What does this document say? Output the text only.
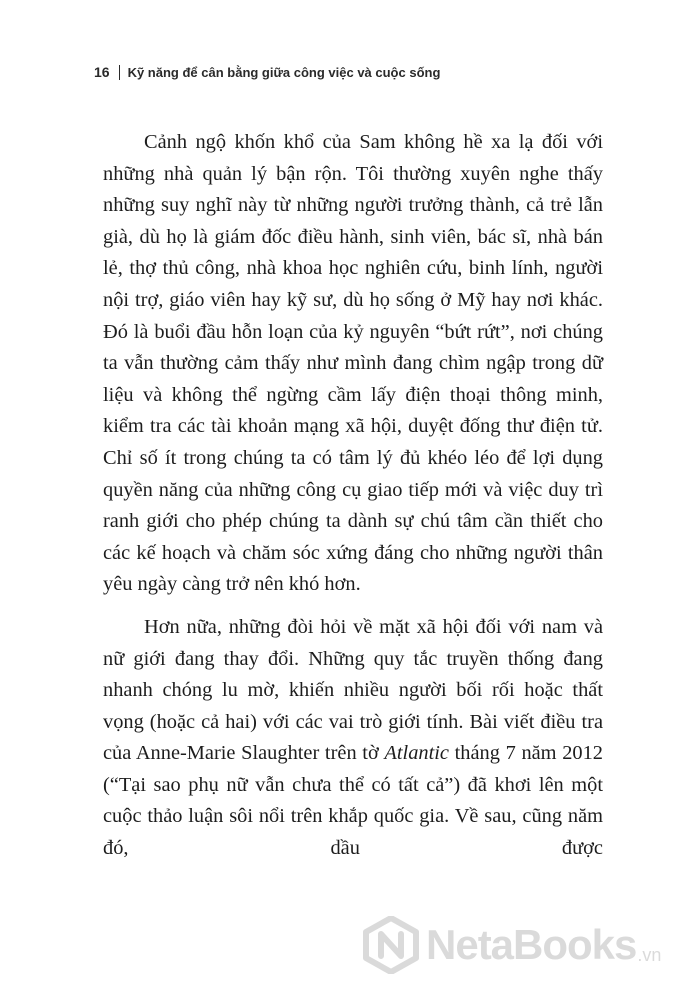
16 Kỹ năng để cân bằng giữa công việc và cuộc sống

Cảnh ngộ khốn khổ của Sam không hề xa lạ đối với những nhà quản lý bận rộn. Tôi thường xuyên nghe thấy những suy nghĩ này từ những người trưởng thành, cả trẻ lẫn già, dù họ là giám đốc điều hành, sinh viên, bác sĩ, nhà bán lẻ, thợ thủ công, nhà khoa học nghiên cứu, binh lính, người nội trợ, giáo viên hay kỹ sư, dù họ sống ở Mỹ hay nơi khác. Đó là buổi đầu hỗn loạn của kỷ nguyên “bứt rứt”, nơi chúng ta vẫn thường cảm thấy như mình đang chìm ngập trong dữ liệu và không thể ngừng cầm lấy điện thoại thông minh, kiểm tra các tài khoản mạng xã hội, duyệt đống thư điện tử. Chỉ số ít trong chúng ta có tâm lý đủ khéo léo để lợi dụng quyền năng của những công cụ giao tiếp mới và việc duy trì ranh giới cho phép chúng ta dành sự chú tâm cần thiết cho các kế hoạch và chăm sóc xứng đáng cho những người thân yêu ngày càng trở nên khó hơn.

Hơn nữa, những đòi hỏi về mặt xã hội đối với nam và nữ giới đang thay đổi. Những quy tắc truyền thống đang nhanh chóng lu mờ, khiến nhiều người bối rối hoặc thất vọng (hoặc cả hai) với các vai trò giới tính. Bài viết điều tra của Anne-Marie Slaughter trên tờ Atlantic tháng 7 năm 2012 (“Tại sao phụ nữ vẫn chưa thể có tất cả”) đã khơi lên một cuộc thảo luận sôi nổi trên khắp quốc gia. Về sau, cũng năm đó, dầu được

NetaBooks .vn
